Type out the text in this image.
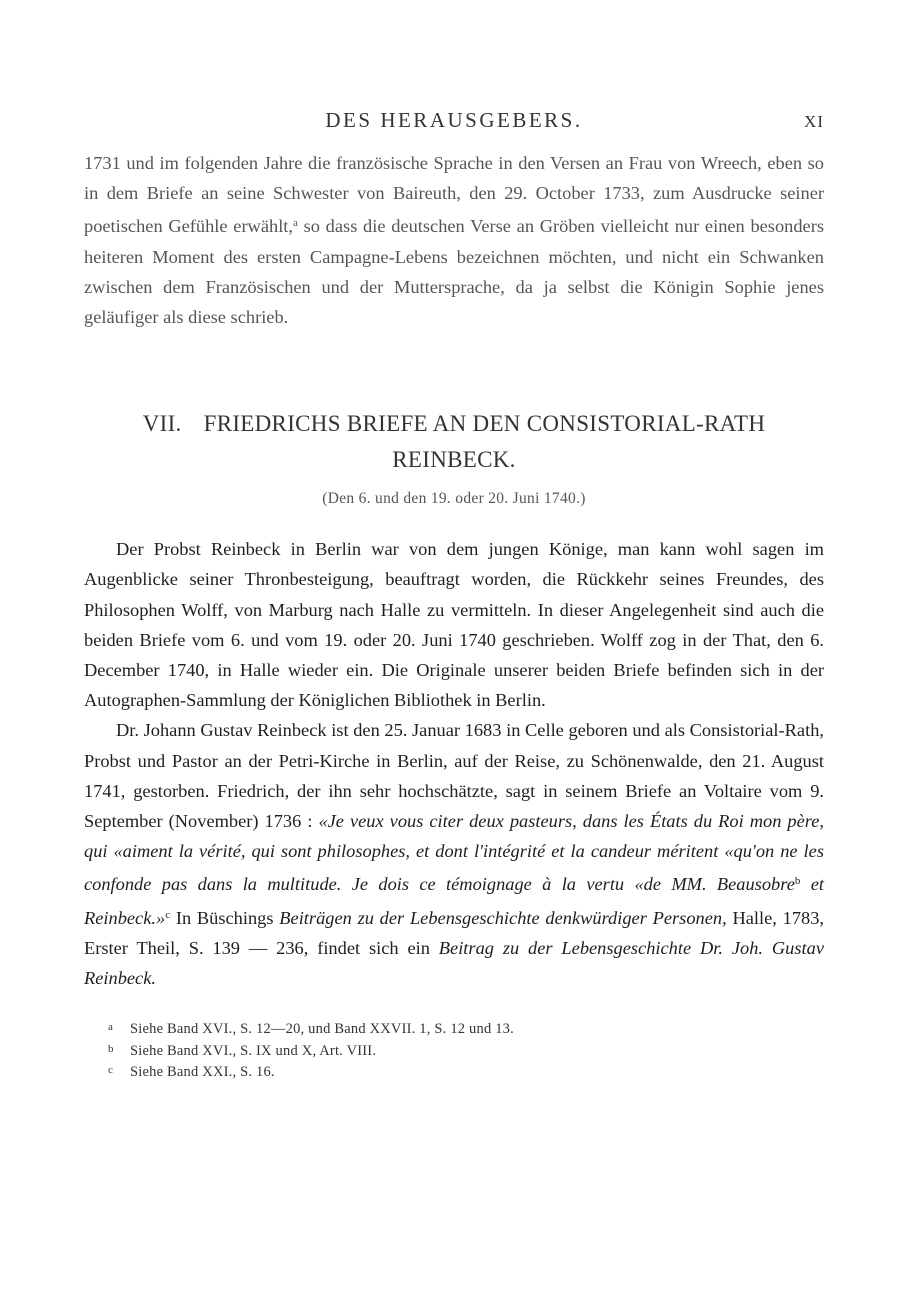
DES HERAUSGEBERS.	XI

1731 und im folgenden Jahre die französische Sprache in den Versen an Frau von Wreech, eben so in dem Briefe an seine Schwester von Baireuth, den 29. October 1733, zum Ausdrucke seiner poetischen Gefühle erwählt,$^a$ so dass die deutschen Verse an Gröben vielleicht nur einen besonders heiteren Moment des ersten Campagne-Lebens bezeichnen möchten, und nicht ein Schwanken zwischen dem Französischen und der Muttersprache, da ja selbst die Königin Sophie jenes geläufiger als diese schrieb.

VII. FRIEDRICHS BRIEFE AN DEN CONSISTORIAL-RATH REINBECK.
(Den 6. und den 19. oder 20. Juni 1740.)

Der Probst Reinbeck in Berlin war von dem jungen Könige, man kann wohl sagen im Augenblicke seiner Thronbesteigung, beauftragt worden, die Rückkehr seines Freundes, des Philosophen Wolff, von Marburg nach Halle zu vermitteln. In dieser Angelegenheit sind auch die beiden Briefe vom 6. und vom 19. oder 20. Juni 1740 geschrieben. Wolff zog in der That, den 6. December 1740, in Halle wieder ein. Die Originale unserer beiden Briefe befinden sich in der Autographen-Sammlung der Königlichen Bibliothek in Berlin.

Dr. Johann Gustav Reinbeck ist den 25. Januar 1683 in Celle geboren und als Consistorial-Rath, Probst und Pastor an der Petri-Kirche in Berlin, auf der Reise, zu Schönenwalde, den 21. August 1741, gestorben. Friedrich, der ihn sehr hochschätzte, sagt in seinem Briefe an Voltaire vom 9. September (November) 1736 : «Je veux vous citer deux pasteurs, dans les États du Roi mon père, qui «aiment la vérité, qui sont philosophes, et dont l'intégrité et la candeur méritent «qu'on ne les confonde pas dans la multitude. Je dois ce témoignage à la vertu «de MM. Beausobre$^b$ et Reinbeck.»$^c$ In Büschings Beiträgen zu der Lebensgeschichte denkwürdiger Personen, Halle, 1783, Erster Theil, S. 139 — 236, findet sich ein Beitrag zu der Lebensgeschichte Dr. Joh. Gustav Reinbeck.

a Siehe Band XVI., S. 12—20, und Band XXVII. 1, S. 12 und 13.
b Siehe Band XVI., S. IX und X, Art. VIII.
c Siehe Band XXI., S. 16.
